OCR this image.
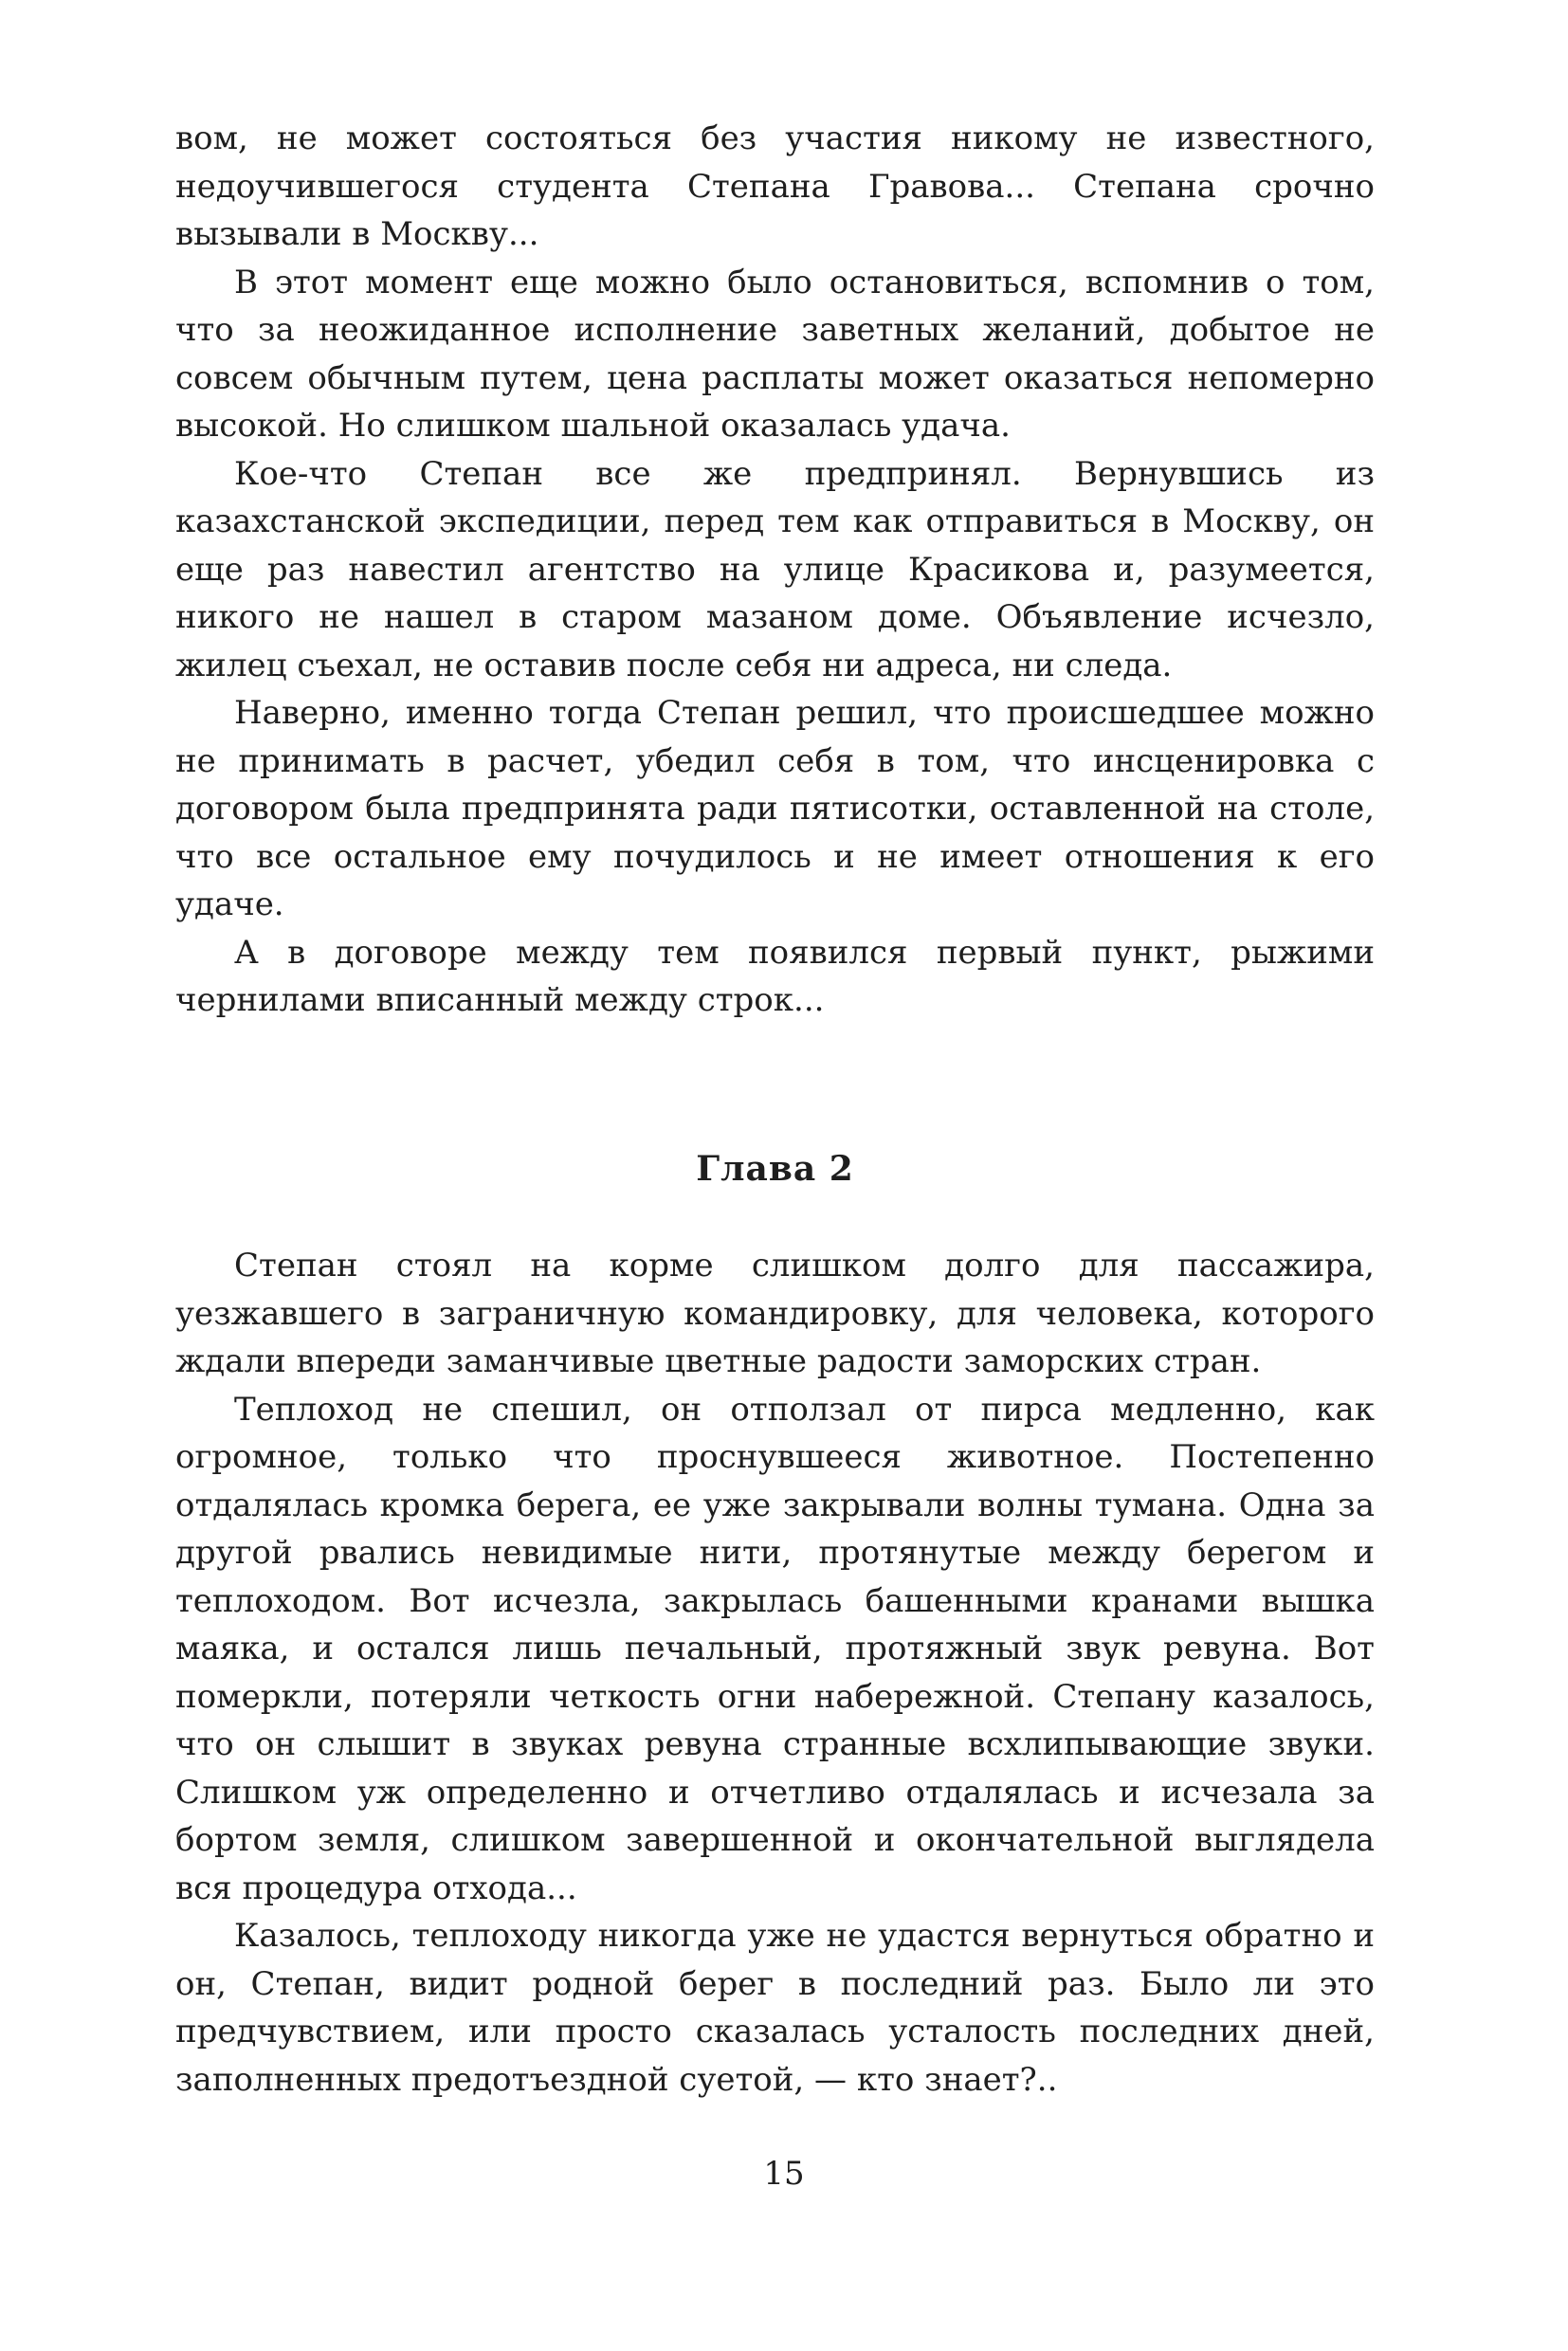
вом, не может состояться без участия никому не известного, недоучившегося студента Степана Гравова... Степана срочно вызывали в Москву...

В этот момент еще можно было остановиться, вспомнив о том, что за неожиданное исполнение заветных желаний, добытое не совсем обычным путем, цена расплаты может оказаться непомерно высокой. Но слишком шальной оказалась удача.

Кое-что Степан все же предпринял. Вернувшись из казахстанской экспедиции, перед тем как отправиться в Москву, он еще раз навестил агентство на улице Красикова и, разумеется, никого не нашел в старом мазаном доме. Объявление исчезло, жилец съехал, не оставив после себя ни адреса, ни следа.

Наверно, именно тогда Степан решил, что происшедшее можно не принимать в расчет, убедил себя в том, что инсценировка с договором была предпринята ради пятисотки, оставленной на столе, что все остальное ему почудилось и не имеет отношения к его удаче.

А в договоре между тем появился первый пункт, рыжими чернилами вписанный между строк...

Глава 2

Степан стоял на корме слишком долго для пассажира, уезжавшего в заграничную командировку, для человека, которого ждали впереди заманчивые цветные радости заморских стран.

Теплоход не спешил, он отползал от пирса медленно, как огромное, только что проснувшееся животное. Постепенно отдалялась кромка берега, ее уже закрывали волны тумана. Одна за другой рвались невидимые нити, протянутые между берегом и теплоходом. Вот исчезла, закрылась башенными кранами вышка маяка, и остался лишь печальный, протяжный звук ревуна. Вот померкли, потеряли четкость огни набережной. Степану казалось, что он слышит в звуках ревуна странные всхлипывающие звуки. Слишком уж определенно и отчетливо отдалялась и исчезала за бортом земля, слишком завершенной и окончательной выглядела вся процедура отхода...

Казалось, теплоходу никогда уже не удастся вернуться обратно и он, Степан, видит родной берег в последний раз. Было ли это предчувствием, или просто сказалась усталость последних дней, заполненных предотъездной суетой, — кто знает?..

15
